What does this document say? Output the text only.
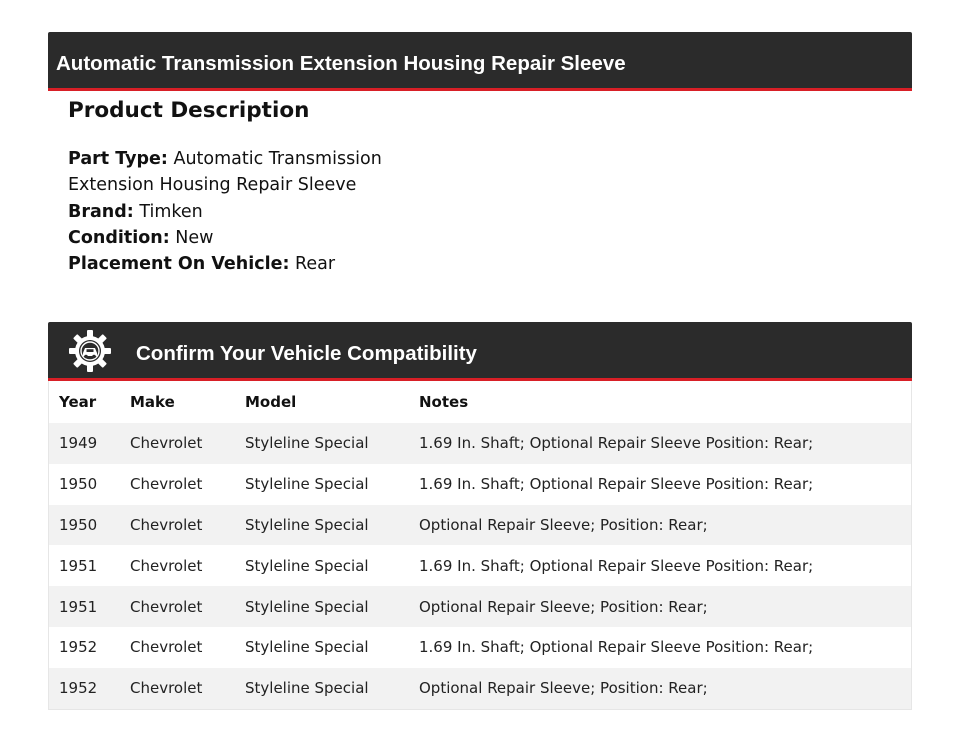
Automatic Transmission Extension Housing Repair Sleeve
Product Description
Part Type: Automatic Transmission Extension Housing Repair Sleeve
Brand: Timken
Condition: New
Placement On Vehicle: Rear
Confirm Your Vehicle Compatibility
Year	Make	Model	Notes
1949	Chevrolet	Styleline Special	1.69 In. Shaft; Optional Repair Sleeve Position: Rear;
1950	Chevrolet	Styleline Special	1.69 In. Shaft; Optional Repair Sleeve Position: Rear;
1950	Chevrolet	Styleline Special	Optional Repair Sleeve; Position: Rear;
1951	Chevrolet	Styleline Special	1.69 In. Shaft; Optional Repair Sleeve Position: Rear;
1951	Chevrolet	Styleline Special	Optional Repair Sleeve; Position: Rear;
1952	Chevrolet	Styleline Special	1.69 In. Shaft; Optional Repair Sleeve Position: Rear;
1952	Chevrolet	Styleline Special	Optional Repair Sleeve; Position: Rear;
